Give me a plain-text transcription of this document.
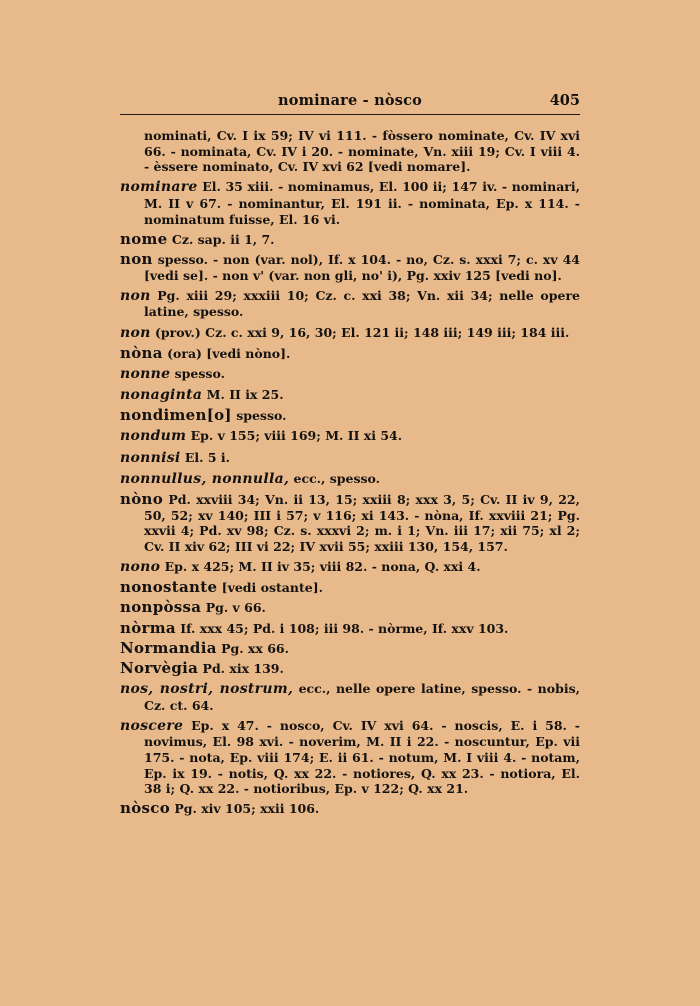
nominare - nòsco	405

nominati, Cv. I ix 59; IV vi 111. - fòssero nominate, Cv. IV xvi 66. - nominata, Cv. IV i 20. - nominate, Vn. xiii 19; Cv. I viii 4. - èssere nominato, Cv. IV xvi 62 [vedi nomare].

nominare El. 35 xiii. - nominamus, El. 100 ii; 147 iv. - nominari, M. II v 67. - nominantur, El. 191 ii. - nominata, Ep. x 114. - nominatum fuisse, El. 16 vi.

nome Cz. sap. ii 1, 7.

non spesso. - non (var. nol), If. x 104. - no, Cz. s. xxxi 7; c. xv 44 [vedi se]. - non v' (var. non gli, no' i), Pg. xxiv 125 [vedi no].

non Pg. xiii 29; xxxiii 10; Cz. c. xxi 38; Vn. xii 34; nelle opere latine, spesso.

non (prov.) Cz. c. xxi 9, 16, 30; El. 121 ii; 148 iii; 149 iii; 184 iii.

nòna (ora) [vedi nòno].

nonne spesso.

nonaginta M. II ix 25.

nondimen[o] spesso.

nondum Ep. v 155; viii 169; M. II xi 54.

nonnisi El. 5 i.

nonnullus, nonnulla, ecc., spesso.

nòno Pd. xxviii 34; Vn. ii 13, 15; xxiii 8; xxx 3, 5; Cv. II iv 9, 22, 50, 52; xv 140; III i 57; v 116; xi 143. - nòna, If. xxviii 21; Pg. xxvii 4; Pd. xv 98; Cz. s. xxxvi 2; m. i 1; Vn. iii 17; xii 75; xl 2; Cv. II xiv 62; III vi 22; IV xvii 55; xxiii 130, 154, 157.

nono Ep. x 425; M. II iv 35; viii 82. - nona, Q. xxi 4.

nonostante [vedi ostante].

nonpòssa Pg. v 66.

nòrma If. xxx 45; Pd. i 108; iii 98. - nòrme, If. xxv 103.

Normandia Pg. xx 66.

Norvègia Pd. xix 139.

nos, nostri, nostrum, ecc., nelle opere latine, spesso. - nobis, Cz. ct. 64.

noscere Ep. x 47. - nosco, Cv. IV xvi 64. - noscis, E. i 58. - novimus, El. 98 xvi. - noverim, M. II i 22. - noscuntur, Ep. vii 175. - nota, Ep. viii 174; E. ii 61. - notum, M. I viii 4. - notam, Ep. ix 19. - notis, Q. xx 22. - notiores, Q. xx 23. - notiora, El. 38 i; Q. xx 22. - notioribus, Ep. v 122; Q. xx 21.

nòsco Pg. xiv 105; xxii 106.
